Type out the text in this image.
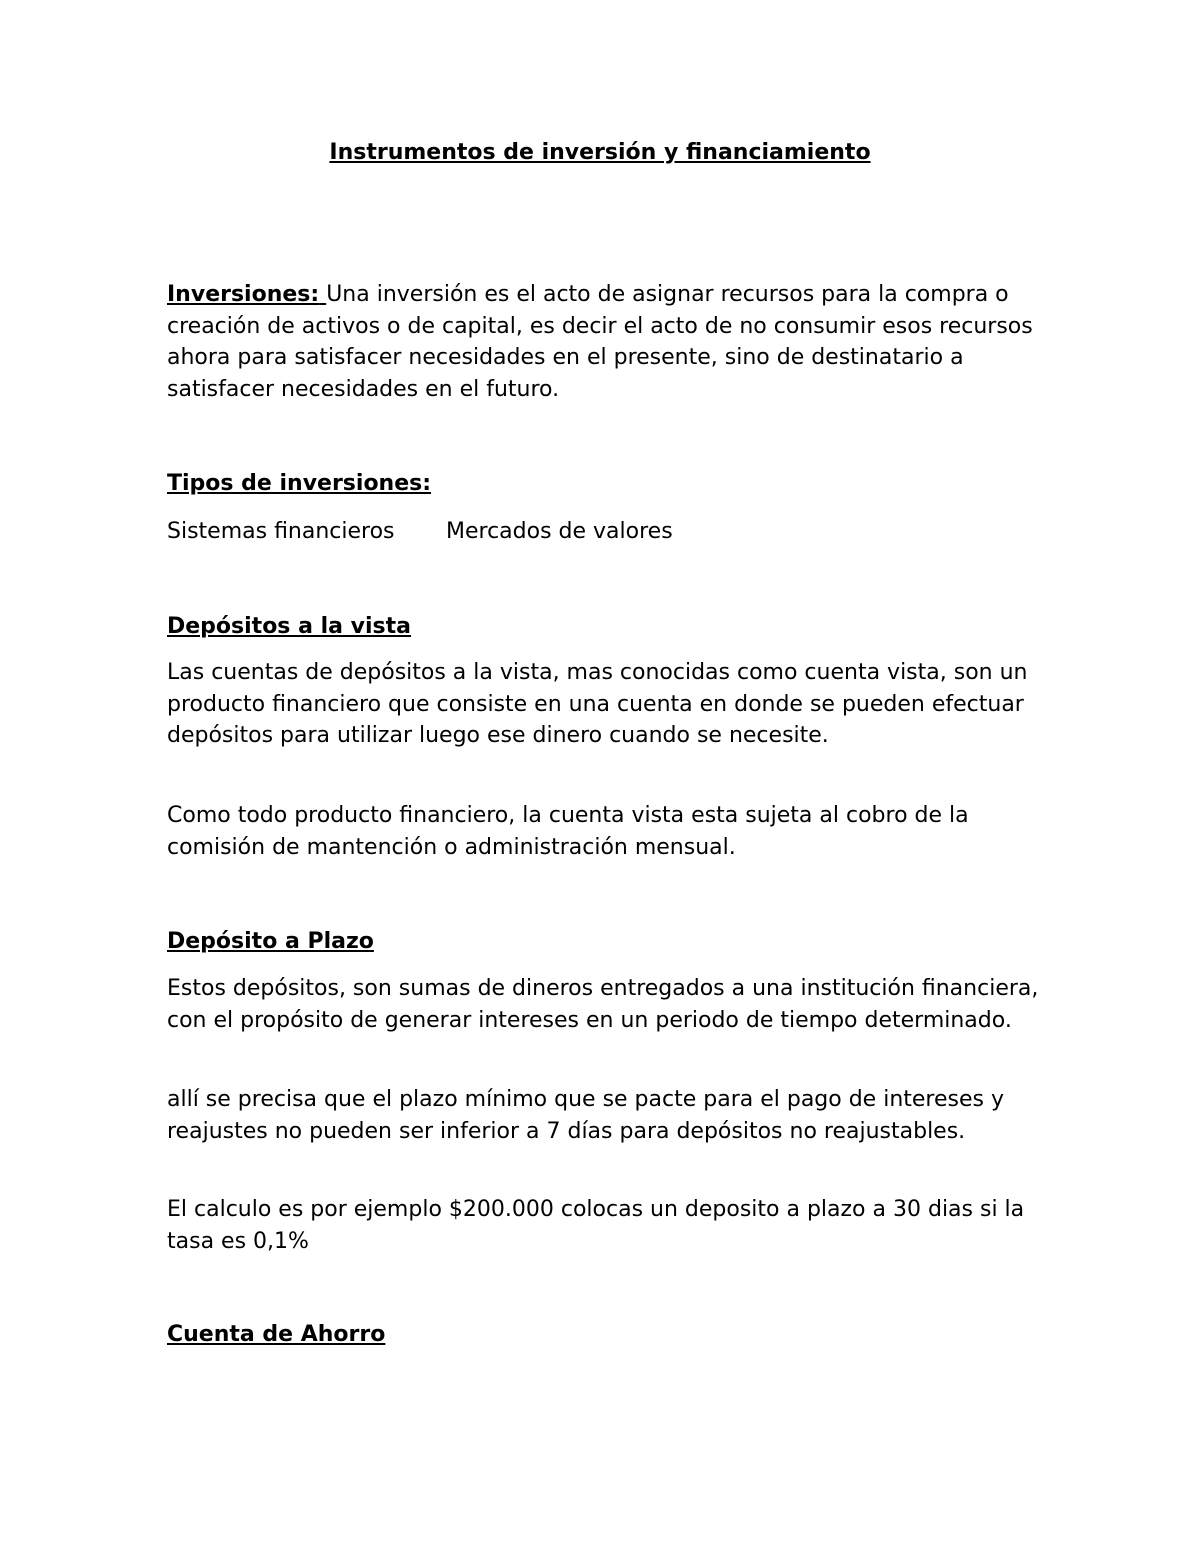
Instrumentos de inversión y financiamiento

Inversiones: Una inversión es el acto de asignar recursos para la compra o creación de activos o de capital, es decir el acto de no consumir esos recursos ahora para satisfacer necesidades en el presente, sino de destinatario a satisfacer necesidades en el futuro.

Tipos de inversiones:

Sistemas financieros Mercados de valores

Depósitos a la vista

Las cuentas de depósitos a la vista, mas conocidas como cuenta vista, son un producto financiero que consiste en una cuenta en donde se pueden efectuar depósitos para utilizar luego ese dinero cuando se necesite.

Como todo producto financiero, la cuenta vista esta sujeta al cobro de la comisión de mantención o administración mensual.

Depósito a Plazo

Estos depósitos, son sumas de dineros entregados a una institución financiera, con el propósito de generar intereses en un periodo de tiempo determinado.

allí se precisa que el plazo mínimo que se pacte para el pago de intereses y reajustes no pueden ser inferior a 7 días para depósitos no reajustables.

El calculo es por ejemplo $200.000 colocas un deposito a plazo a 30 dias si la tasa es 0,1%

Cuenta de Ahorro
